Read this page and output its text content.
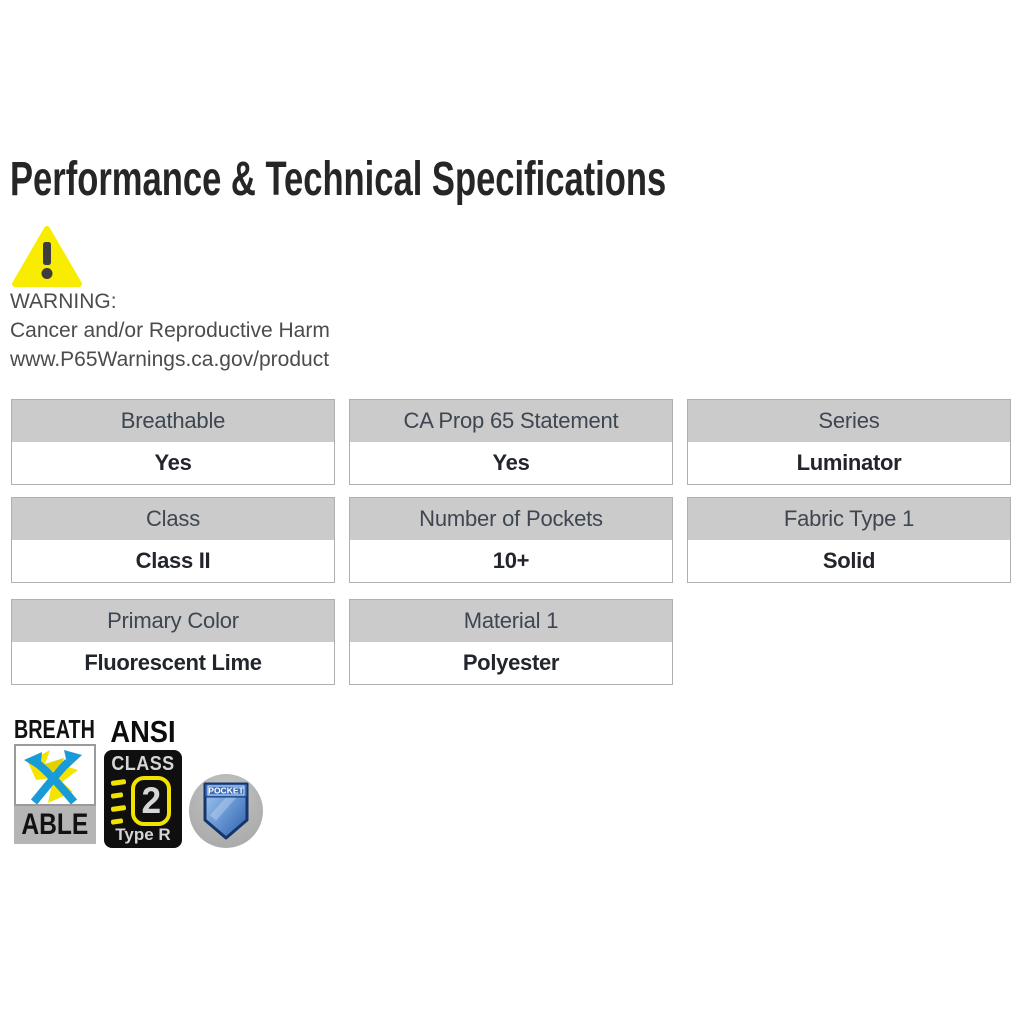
Performance & Technical Specifications
WARNING:
Cancer and/or Reproductive Harm
www.P65Warnings.ca.gov/product
Breathable
Yes
CA Prop 65 Statement
Yes
Series
Luminator
Class
Class II
Number of Pockets
10+
Fabric Type 1
Solid
Primary Color
Fluorescent Lime
Material 1
Polyester
BREATH
ABLE
ANSI
CLASS
2
Type R
POCKET
